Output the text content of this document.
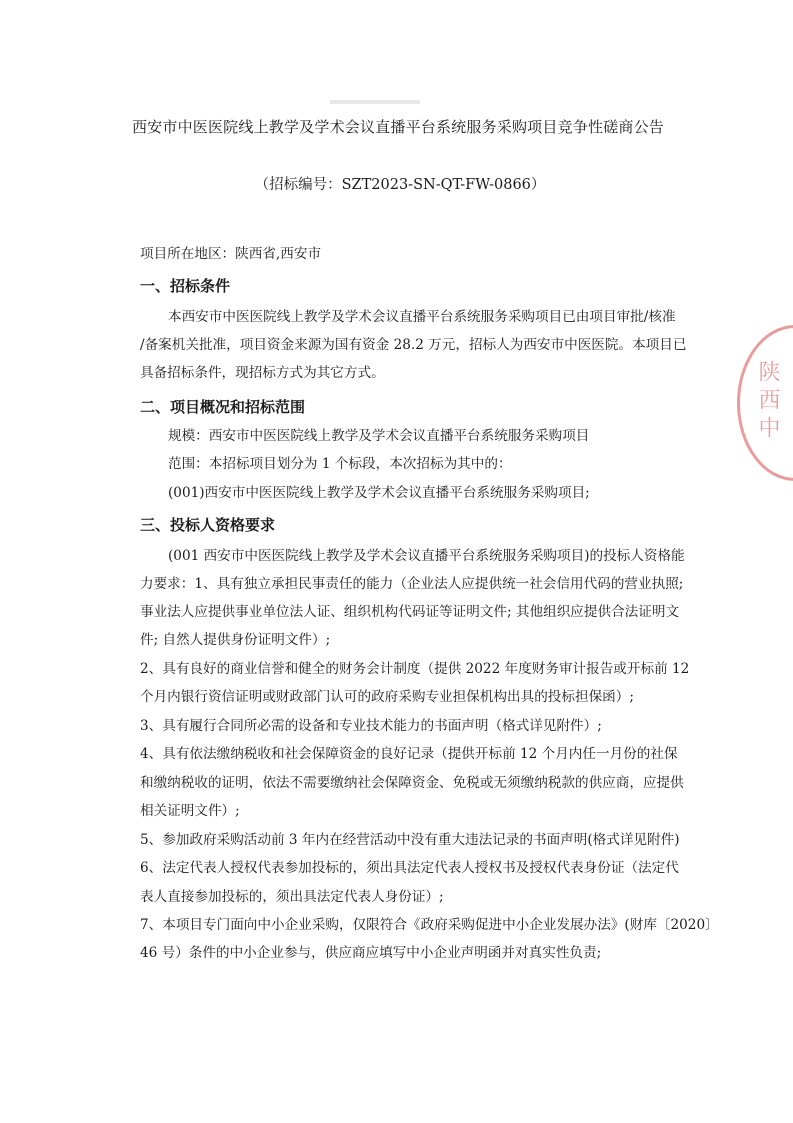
西安市中医医院线上教学及学术会议直播平台系统服务采购项目竞争性磋商公告
（招标编号：SZT2023-SN-QT-FW-0866）
项目所在地区：陕西省,西安市
一、招标条件
本西安市中医医院线上教学及学术会议直播平台系统服务采购项目已由项目审批/核准
/备案机关批准，项目资金来源为国有资金 28.2 万元，招标人为西安市中医医院。本项目已
具备招标条件，现招标方式为其它方式。
二、项目概况和招标范围
规模：西安市中医医院线上教学及学术会议直播平台系统服务采购项目
范围：本招标项目划分为 1 个标段，本次招标为其中的：
(001)西安市中医医院线上教学及学术会议直播平台系统服务采购项目;
三、投标人资格要求
(001 西安市中医医院线上教学及学术会议直播平台系统服务采购项目)的投标人资格能
力要求：1、具有独立承担民事责任的能力（企业法人应提供统一社会信用代码的营业执照;
事业法人应提供事业单位法人证、组织机构代码证等证明文件; 其他组织应提供合法证明文
件; 自然人提供身份证明文件）;
2、具有良好的商业信誉和健全的财务会计制度（提供 2022 年度财务审计报告或开标前 12
个月内银行资信证明或财政部门认可的政府采购专业担保机构出具的投标担保函）;
3、具有履行合同所必需的设备和专业技术能力的书面声明（格式详见附件）;
4、具有依法缴纳税收和社会保障资金的良好记录（提供开标前 12 个月内任一月份的社保
和缴纳税收的证明，依法不需要缴纳社会保障资金、免税或无须缴纳税款的供应商，应提供
相关证明文件）;
5、参加政府采购活动前 3 年内在经营活动中没有重大违法记录的书面声明(格式详见附件)
6、法定代表人授权代表参加投标的，须出具法定代表人授权书及授权代表身份证（法定代
表人直接参加投标的，须出具法定代表人身份证）;
7、本项目专门面向中小企业采购，仅限符合《政府采购促进中小企业发展办法》(财库〔2020〕
46 号）条件的中小企业参与，供应商应填写中小企业声明函并对真实性负责;
陕西中
